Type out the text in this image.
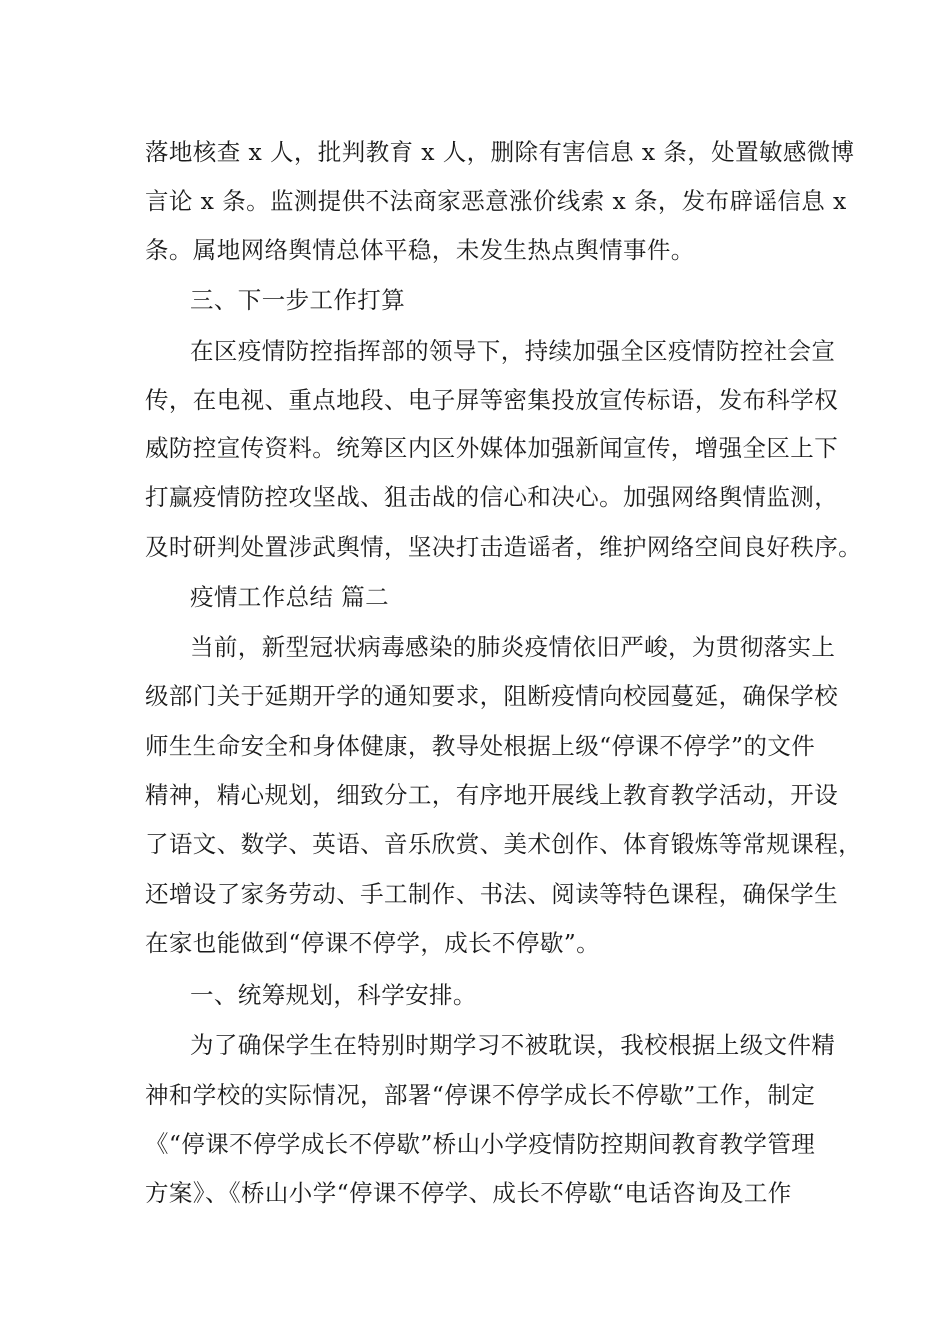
落地核查 x 人，批判教育 x 人，删除有害信息 x 条，处置敏感微博
言论 x 条。监测提供不法商家恶意涨价线索 x 条，发布辟谣信息 x
条。属地网络舆情总体平稳，未发生热点舆情事件。
三、下一步工作打算
在区疫情防控指挥部的领导下，持续加强全区疫情防控社会宣
传，在电视、重点地段、电子屏等密集投放宣传标语，发布科学权
威防控宣传资料。统筹区内区外媒体加强新闻宣传，增强全区上下
打赢疫情防控攻坚战、狙击战的信心和决心。加强网络舆情监测，
及时研判处置涉武舆情，坚决打击造谣者，维护网络空间良好秩序。
疫情工作总结 篇二
当前，新型冠状病毒感染的肺炎疫情依旧严峻，为贯彻落实上
级部门关于延期开学的通知要求，阻断疫情向校园蔓延，确保学校
师生生命安全和身体健康，教导处根据上级“停课不停学”的文件
精神，精心规划，细致分工，有序地开展线上教育教学活动，开设
了语文、数学、英语、音乐欣赏、美术创作、体育锻炼等常规课程，
还增设了家务劳动、手工制作、书法、阅读等特色课程，确保学生
在家也能做到“停课不停学，成长不停歇”。
一、统筹规划，科学安排。
为了确保学生在特别时期学习不被耽误，我校根据上级文件精
神和学校的实际情况，部署“停课不停学成长不停歇”工作，制定
《“停课不停学成长不停歇”桥山小学疫情防控期间教育教学管理
方案》、《桥山小学“停课不停学、成长不停歇“电话咨询及工作
